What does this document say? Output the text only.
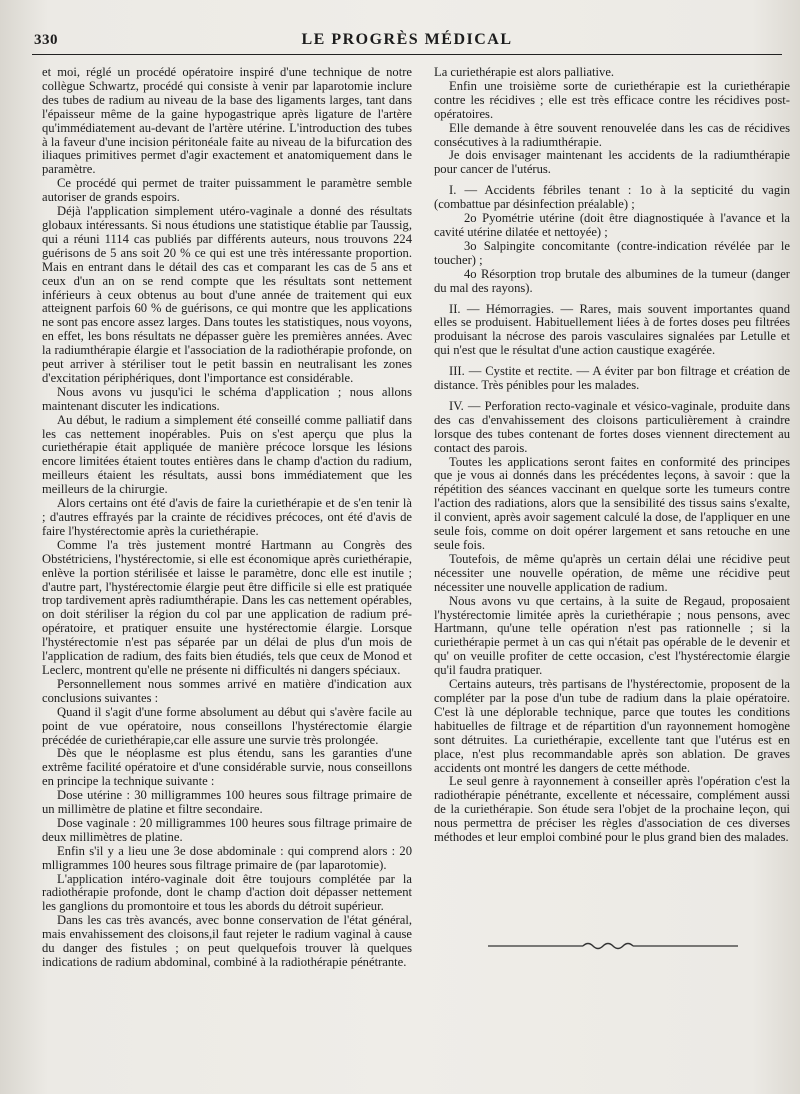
330	LE PROGRÈS MÉDICAL

et moi, réglé un procédé opératoire inspiré d'une technique de notre collègue Schwartz, procédé qui consiste à venir par laparotomie inclure des tubes de radium au niveau de la base des ligaments larges, tant dans l'épaisseur même de la gaine hypogastrique après ligature de l'artère qu'immédiatement au-devant de l'artère utérine. L'introduction des tubes à la faveur d'une incision péritonéale faite au niveau de la bifurcation des iliaques primitives permet d'agir exactement et anatomiquement dans le paramètre.

Ce procédé qui permet de traiter puissamment le paramètre semble autoriser de grands espoirs.

Déjà l'application simplement utéro-vaginale a donné des résultats globaux intéressants. Si nous étudions une statistique établie par Taussig, qui a réuni 1114 cas publiés par différents auteurs, nous trouvons 224 guérisons de 5 ans soit 20 % ce qui est une très intéressante proportion. Mais en entrant dans le détail des cas et comparant les cas de 5 ans et ceux d'un an on se rend compte que les résultats sont nettement inférieurs à ceux obtenus au bout d'une année de traitement qui eux atteignent parfois 60 % de guérisons, ce qui montre que les applications ne sont pas encore assez larges. Dans toutes les statistiques, nous voyons, en effet, les bons résultats ne dépasser guère les premières années. Avec la radiumthérapie élargie et l'association de la radiothérapie profonde, on peut arriver à stériliser tout le petit bassin en neutralisant les zones d'excitation périphériques, dont l'importance est considérable.

Nous avons vu jusqu'ici le schéma d'application ; nous allons maintenant discuter les indications.

Au début, le radium a simplement été conseillé comme palliatif dans les cas nettement inopérables. Puis on s'est aperçu que plus la curiethérapie était appliquée de manière précoce lorsque les lésions encore limitées étaient toutes entières dans le champ d'action du radium, meilleurs étaient les résultats, aussi bons immédiatement que les meilleurs de la chirurgie.

Alors certains ont été d'avis de faire la curiethérapie et de s'en tenir là ; d'autres effrayés par la crainte de récidives précoces, ont été d'avis de faire l'hystérectomie après la curiethérapie.

Comme l'a très justement montré Hartmann au Congrès des Obstétriciens, l'hystérectomie, si elle est économique après curiethérapie, enlève la portion stérilisée et laisse le paramètre, donc elle est inutile ; d'autre part, l'hystérectomie élargie peut être difficile si elle est pratiquée trop tardivement après radiumthérapie. Dans les cas nettement opérables, on doit stériliser la région du col par une application de radium pré-opératoire, et pratiquer ensuite une hystérectomie élargie. Lorsque l'hystérectomie n'est pas séparée par un délai de plus d'un mois de l'application de radium, des faits bien étudiés, tels que ceux de Monod et Leclerc, montrent qu'elle ne présente ni difficultés ni dangers spéciaux.

Personnellement nous sommes arrivé en matière d'indication aux conclusions suivantes :

Quand il s'agit d'une forme absolument au début qui s'avère facile au point de vue opératoire, nous conseillons l'hystérectomie élargie précédée de curiethérapie,car elle assure une survie très prolongée.

Dès que le néoplasme est plus étendu, sans les garanties d'une extrême facilité opératoire et d'une considérable survie, nous conseillons en principe la technique suivante :

Dose utérine : 30 milligrammes 100 heures sous filtrage primaire de un millimètre de platine et filtre secondaire.

Dose vaginale : 20 milligrammes 100 heures sous filtrage primaire de deux millimètres de platine.

Enfin s'il y a lieu une 3e dose abdominale : qui comprend alors : 20 mlligrammes 100 heures sous filtrage primaire de (par laparotomie).

L'application intéro-vaginale doit être toujours complétée par la radiothérapie profonde, dont le champ d'action doit dépasser nettement les ganglions du promontoire et tous les abords du détroit supérieur.

Dans les cas très avancés, avec bonne conservation de l'état général, mais envahissement des cloisons,il faut rejeter le radium vaginal à cause du danger des fistules ; on peut quelquefois trouver là quelques indications de radium abdominal, combiné à la radiothérapie pénétrante.

La curiethérapie est alors palliative.

Enfin une troisième sorte de curiethérapie est la curiethérapie contre les récidives ; elle est très efficace contre les récidives post-opératoires.

Elle demande à être souvent renouvelée dans les cas de récidives consécutives à la radiumthérapie.

Je dois envisager maintenant les accidents de la radiumthérapie pour cancer de l'utérus.

I. — Accidents fébriles tenant : 1o à la septicité du vagin (combattue par désinfection préalable) ;

2o Pyométrie utérine (doit être diagnostiquée à l'avance et la cavité utérine dilatée et nettoyée) ;

3o Salpingite concomitante (contre-indication révélée par le toucher) ;

4o Résorption trop brutale des albumines de la tumeur (danger du mal des rayons).

II. — Hémorragies. — Rares, mais souvent importantes quand elles se produisent. Habituellement liées à de fortes doses peu filtrées produisant la nécrose des parois vasculaires signalées par Letulle et qui n'est que le résultat d'une action caustique exagérée.

III. — Cystite et rectite. — A éviter par bon filtrage et création de distance. Très pénibles pour les malades.

IV. — Perforation recto-vaginale et vésico-vaginale, produite dans des cas d'envahissement des cloisons particulièrement à craindre lorsque des tubes contenant de fortes doses viennent directement au contact des parois.

Toutes les applications seront faites en conformité des principes que je vous ai donnés dans les précédentes leçons, à savoir : que la répétition des séances vaccinant en quelque sorte les tumeurs contre l'action des radiations, alors que la sensibilité des tissus sains s'exalte, il convient, après avoir sagement calculé la dose, de l'appliquer en une seule fois, comme on doit opérer largement et sans retouche en une seule fois.

Toutefois, de même qu'après un certain délai une récidive peut nécessiter une nouvelle opération, de même une récidive peut nécessiter une nouvelle application de radium.

Nous avons vu que certains, à la suite de Regaud, proposaient l'hystérectomie limitée après la curiethérapie ; nous pensons, avec Hartmann, qu'une telle opération n'est pas rationnelle ; si la curiethérapie permet à un cas qui n'était pas opérable de le devenir et qu' on veuille profiter de cette occasion, c'est l'hystérectomie élargie qu'il faudra pratiquer.

Certains auteurs, très partisans de l'hystérectomie, proposent de la compléter par la pose d'un tube de radium dans la plaie opératoire. C'est là une déplorable technique, parce que toutes les conditions habituelles de filtrage et de répartition d'un rayonnement homogène sont détruites. La curiethérapie, excellente tant que l'utérus est en place, n'est plus recommandable après son ablation. De graves accidents ont montré les dangers de cette méthode.

Le seul genre à rayonnement à conseiller après l'opération c'est la radiothérapie pénétrante, excellente et nécessaire, complément aussi de la curiethérapie. Son étude sera l'objet de la prochaine leçon, qui nous permettra de préciser les règles d'association de ces diverses méthodes et leur emploi combiné pour le plus grand bien des malades.
